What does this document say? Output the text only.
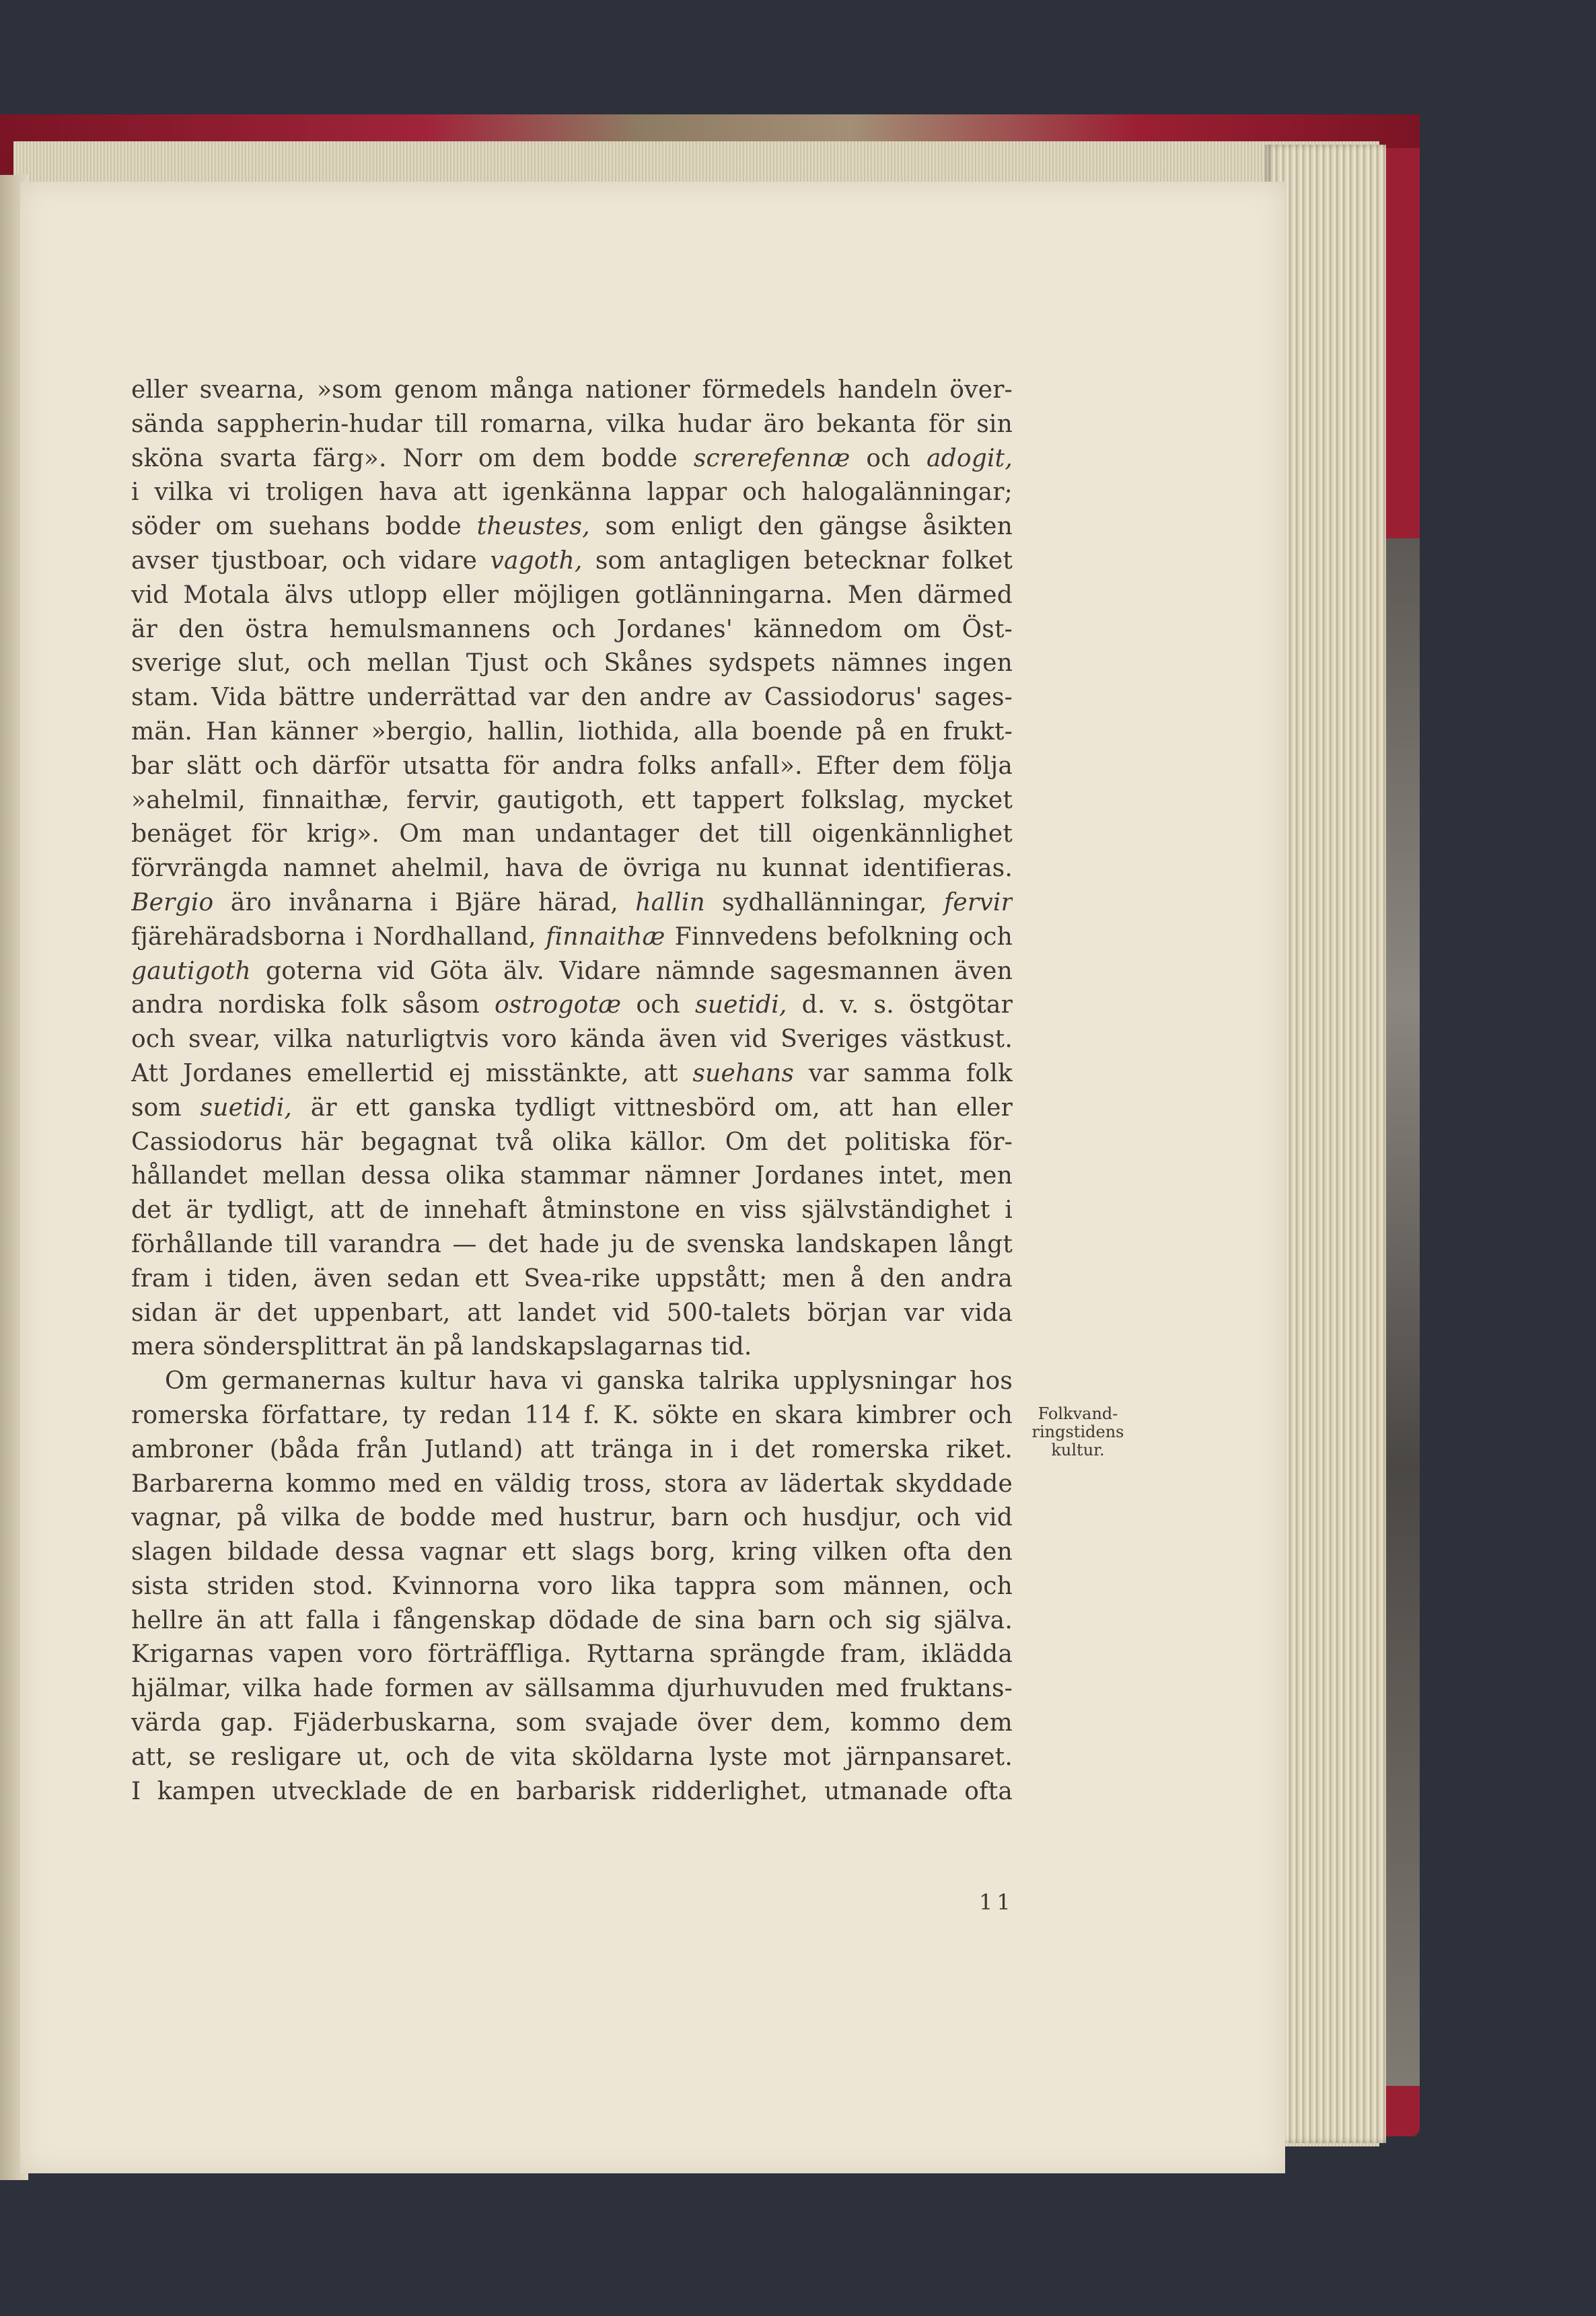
eller svearna, »som genom många nationer förmedels handeln över-
sända sappherin-hudar till romarna, vilka hudar äro bekanta för sin
sköna svarta färg». Norr om dem bodde screrefennæ och adogit,
i vilka vi troligen hava att igenkänna lappar och halogalänningar;
söder om suehans bodde theustes, som enligt den gängse åsikten
avser tjustboar, och vidare vagoth, som antagligen betecknar folket
vid Motala älvs utlopp eller möjligen gotlänningarna. Men därmed
är den östra hemulsmannens och Jordanes' kännedom om Öst-
sverige slut, och mellan Tjust och Skånes sydspets nämnes ingen
stam. Vida bättre underrättad var den andre av Cassiodorus' sages-
män. Han känner »bergio, hallin, liothida, alla boende på en frukt-
bar slätt och därför utsatta för andra folks anfall». Efter dem följa
»ahelmil, finnaithæ, fervir, gautigoth, ett tappert folkslag, mycket
benäget för krig». Om man undantager det till oigenkännlighet
förvrängda namnet ahelmil, hava de övriga nu kunnat identifieras.
Bergio äro invånarna i Bjäre härad, hallin sydhallänningar, fervir
fjärehäradsborna i Nordhalland, finnaithæ Finnvedens befolkning och
gautigoth goterna vid Göta älv. Vidare nämnde sagesmannen även
andra nordiska folk såsom ostrogotæ och suetidi, d. v. s. östgötar
och svear, vilka naturligtvis voro kända även vid Sveriges västkust.
Att Jordanes emellertid ej misstänkte, att suehans var samma folk
som suetidi, är ett ganska tydligt vittnesbörd om, att han eller
Cassiodorus här begagnat två olika källor. Om det politiska för-
hållandet mellan dessa olika stammar nämner Jordanes intet, men
det är tydligt, att de innehaft åtminstone en viss självständighet i
förhållande till varandra — det hade ju de svenska landskapen långt
fram i tiden, även sedan ett Svea-rike uppstått; men å den andra
sidan är det uppenbart, att landet vid 500-talets början var vida
mera söndersplittrat än på landskapslagarnas tid.
Om germanernas kultur hava vi ganska talrika upplysningar hos
romerska författare, ty redan 114 f. K. sökte en skara kimbrer och
ambroner (båda från Jutland) att tränga in i det romerska riket.
Barbarerna kommo med en väldig tross, stora av lädertak skyddade
vagnar, på vilka de bodde med hustrur, barn och husdjur, och vid
slagen bildade dessa vagnar ett slags borg, kring vilken ofta den
sista striden stod. Kvinnorna voro lika tappra som männen, och
hellre än att falla i fångenskap dödade de sina barn och sig själva.
Krigarnas vapen voro förträffliga. Ryttarna sprängde fram, iklädda
hjälmar, vilka hade formen av sällsamma djurhuvuden med fruktans-
värda gap. Fjäderbuskarna, som svajade över dem, kommo dem
att, se resligare ut, och de vita sköldarna lyste mot järnpansaret.
I kampen utvecklade de en barbarisk ridderlighet, utmanade ofta
Folkvand-
ringstidens
kultur.
11
